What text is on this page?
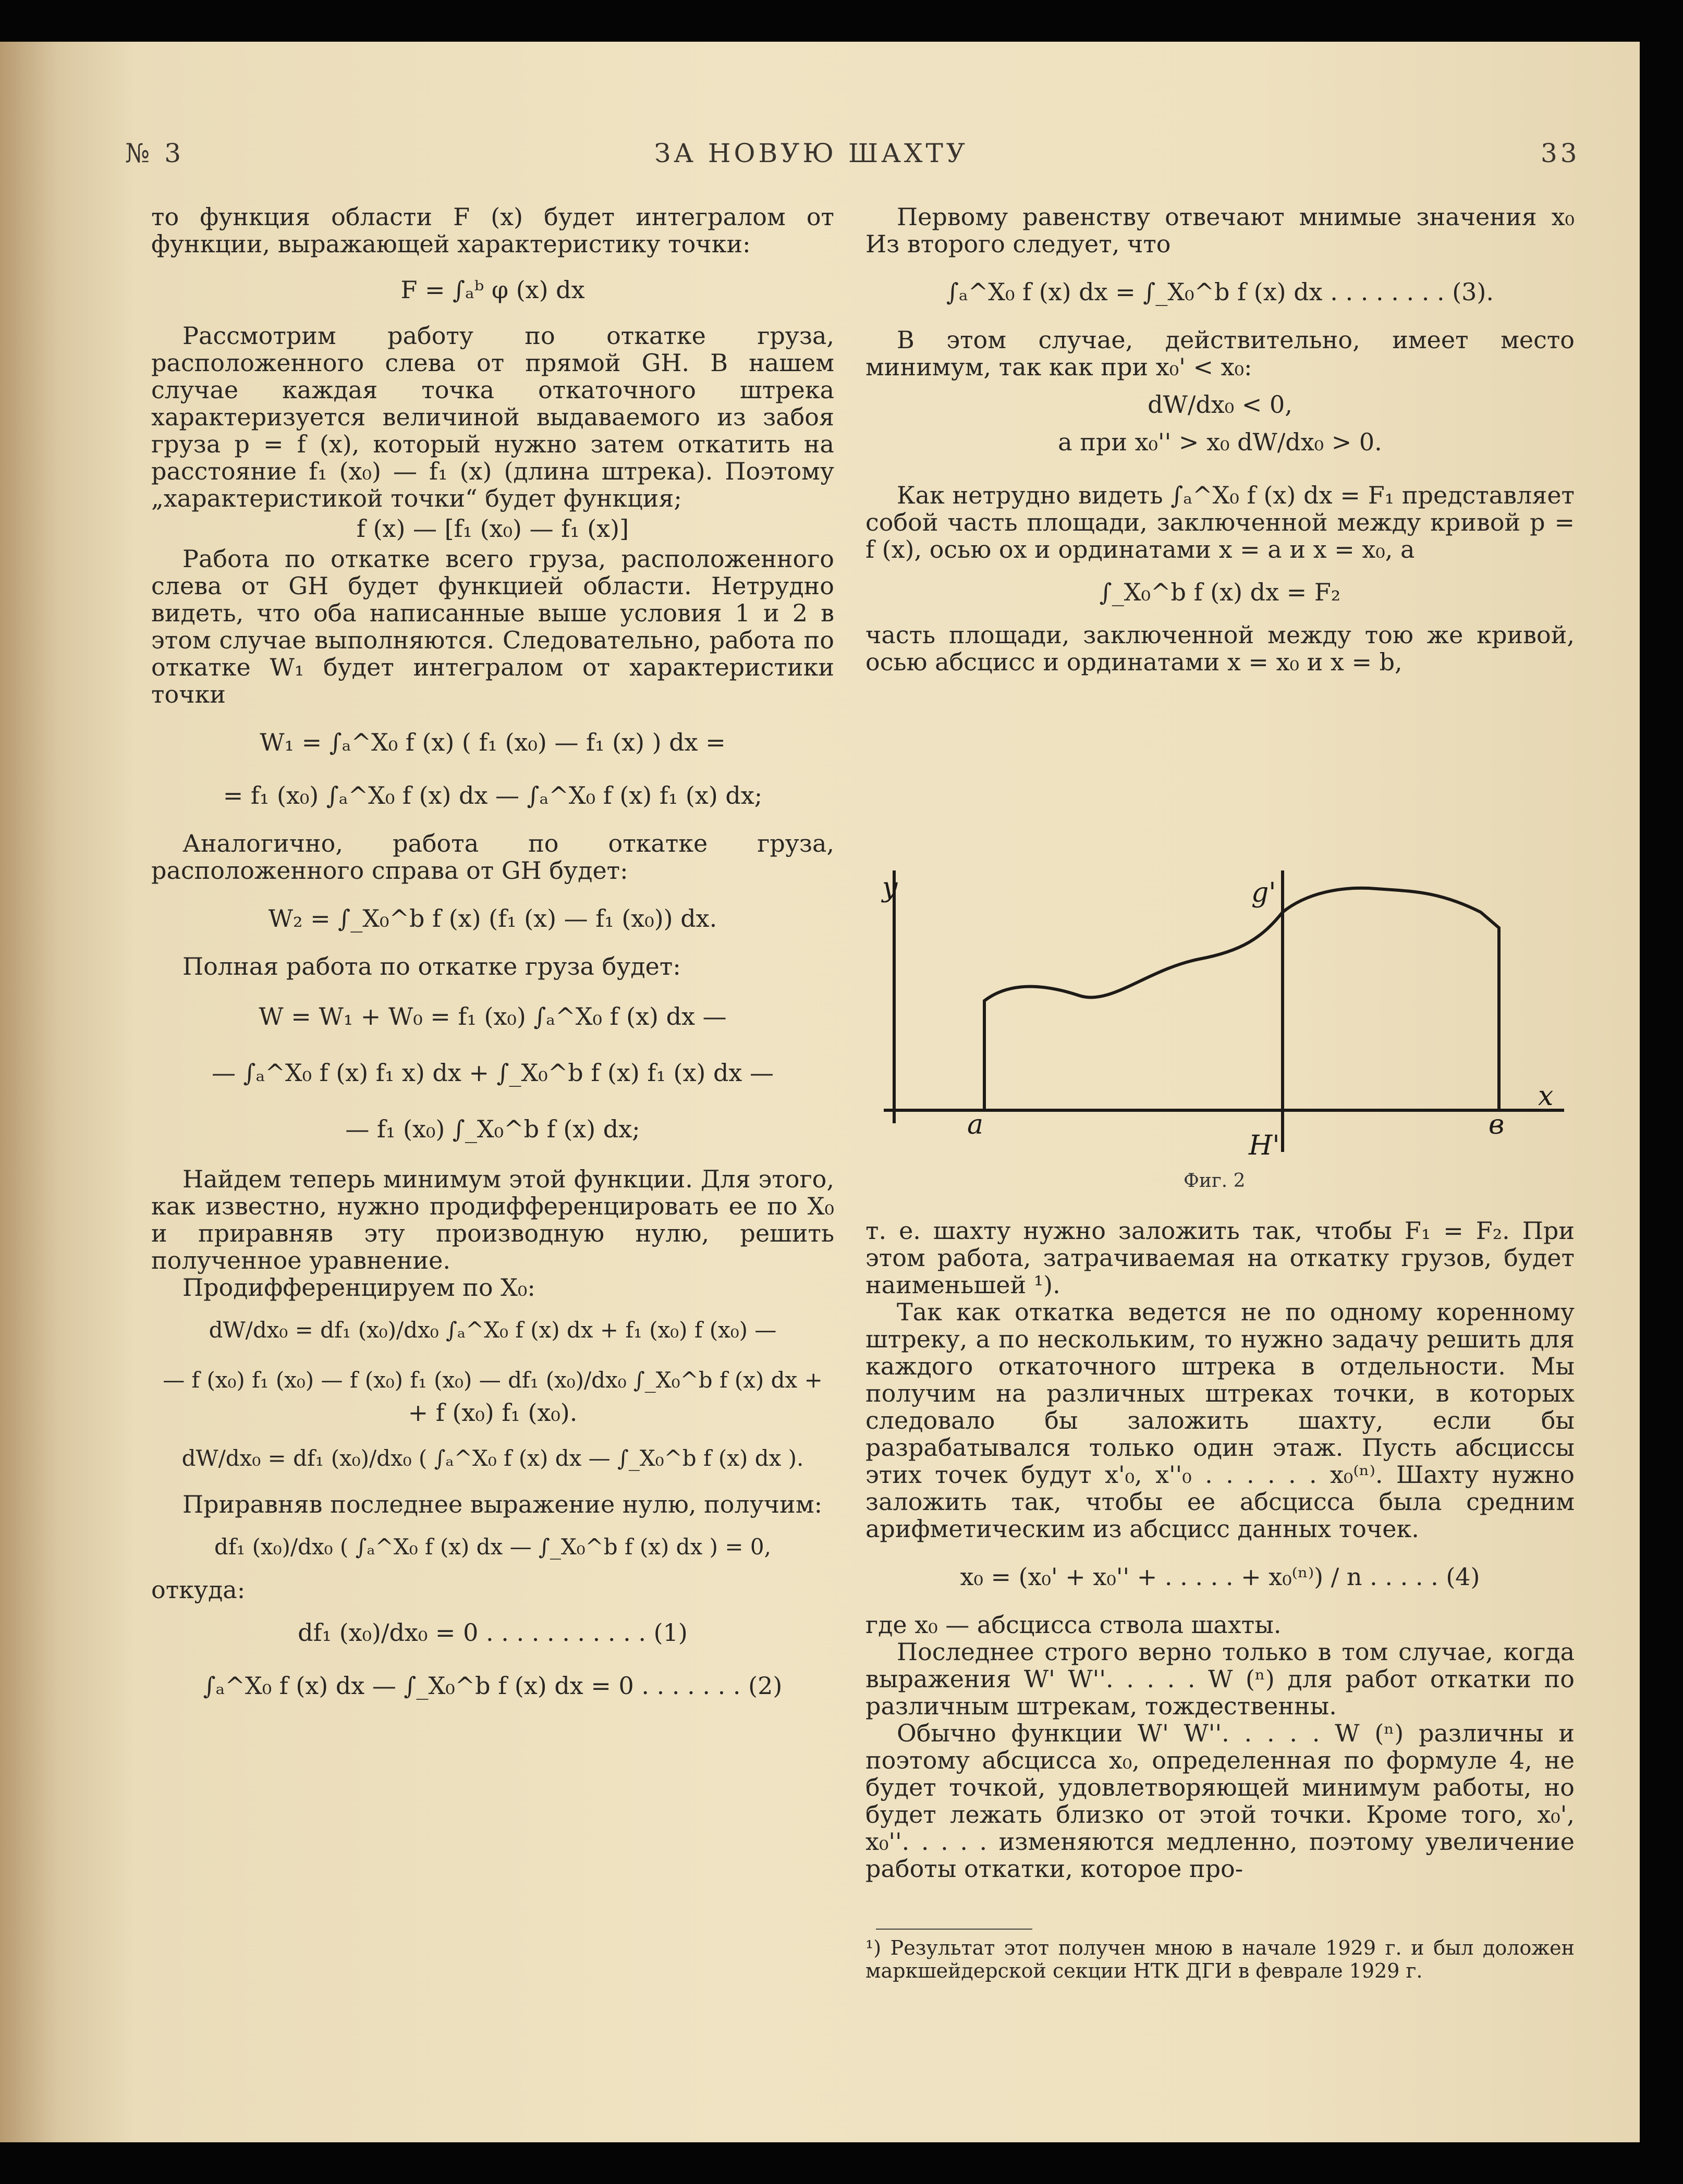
№ 3	ЗА НОВУЮ ШАХТУ	33

то функция области F (x) будет интегралом от функции, выражающей характеристику точки:

F = ∫ₐᵇ φ (x) dx

Рассмотрим работу по откатке груза, расположенного слева от прямой GH. В нашем случае каждая точка откаточного штрека характеризуется величиной выдаваемого из забоя груза p = f (x), который нужно затем откатить на расстояние f₁ (x₀) — f₁ (x) (длина штрека). Поэтому „характеристикой точки“ будет функция;

f (x) — [f₁ (x₀) — f₁ (x)]

Работа по откатке всего груза, расположенного слева от GH будет функцией области. Нетрудно видеть, что оба написанные выше условия 1 и 2 в этом случае выполняются. Следовательно, работа по откатке W₁ будет интегралом от характеристики точки

W₁ = ∫ₐ^X₀ f (x) ( f₁ (x₀) — f₁ (x) ) dx =
= f₁ (x₀) ∫ₐ^X₀ f (x) dx — ∫ₐ^X₀ f (x) f₁ (x) dx;

Аналогично, работа по откатке груза, расположенного справа от GH будет:

W₂ = ∫_X₀^b f (x) (f₁ (x) — f₁ (x₀)) dx.

Полная работа по откатке груза будет:

W = W₁ + W₀ = f₁ (x₀) ∫ₐ^X₀ f (x) dx —
— ∫ₐ^X₀ f (x) f₁ x) dx + ∫_X₀^b f (x) f₁ (x) dx —
— f₁ (x₀) ∫_X₀^b f (x) dx;

Найдем теперь минимум этой функции. Для этого, как известно, нужно продифференцировать ее по X₀ и приравняв эту производную нулю, решить полученное уравнение.

Продифференцируем по X₀:

dW/dx₀ = df₁ (x₀)/dx₀ ∫ₐ^X₀ f (x) dx + f₁ (x₀) f (x₀) —
— f (x₀) f₁ (x₀) — f (x₀) f₁ (x₀) — df₁ (x₀)/dx₀ ∫_X₀^b f (x) dx +
+ f (x₀) f₁ (x₀).
dW/dx₀ = df₁ (x₀)/dx₀ ( ∫ₐ^X₀ f (x) dx — ∫_X₀^b f (x) dx ).

Приравняв последнее выражение нулю, получим:

df₁ (x₀)/dx₀ ( ∫ₐ^X₀ f (x) dx — ∫_X₀^b f (x) dx ) = 0,

откуда:

df₁ (x₀)/dx₀ = 0 . . . . . . . . . . . (1)
∫ₐ^X₀ f (x) dx — ∫_X₀^b f (x) dx = 0 . . . . . . . (2)

Первому равенству отвечают мнимые значения x₀ Из второго следует, что

∫ₐ^X₀ f (x) dx = ∫_X₀^b f (x) dx . . . . . . . . (3).

В этом случае, действительно, имеет место минимум, так как при x₀' < x₀:

dW/dx₀ < 0,
а при x₀'' > x₀ dW/dx₀ > 0.

Как нетрудно видеть ∫ₐ^X₀ f (x) dx = F₁ представляет собой часть площади, заключенной между кривой p = f (x), осью ox и ординатами x = a и x = x₀, а

∫_X₀^b f (x) dx = F₂

часть площади, заключенной между тою же кривой, осью абсцисс и ординатами x = x₀ и x = b,

y	g'
x
a	в
H'
Фиг. 2

т. е. шахту нужно заложить так, чтобы F₁ = F₂. При этом работа, затрачиваемая на откатку грузов, будет наименьшей ¹).

Так как откатка ведется не по одному коренному штреку, а по нескольким, то нужно задачу решить для каждого откаточного штрека в отдельности. Мы получим на различных штреках точки, в которых следовало бы заложить шахту, если бы разрабатывался только один этаж. Пусть абсциссы этих точек будут x'₀, x''₀ . . . . . . x₀⁽ⁿ⁾. Шахту нужно заложить так, чтобы ее абсцисса была средним арифметическим из абсцисс данных точек.

x₀ = (x₀' + x₀'' + . . . . . + x₀⁽ⁿ⁾) / n . . . . . (4)

где x₀ — абсцисса ствола шахты.

Последнее строго верно только в том случае, когда выражения W' W''. . . . . W (ⁿ) для работ откатки по различным штрекам, тождественны.

Обычно функции W' W''. . . . . W (ⁿ) различны и поэтому абсцисса x₀, определенная по формуле 4, не будет точкой, удовлетворяющей минимум работы, но будет лежать близко от этой точки. Кроме того, x₀', x₀''. . . . . изменяются медленно, поэтому увеличение работы откатки, которое про-

¹) Результат этот получен мною в начале 1929 г. и был доложен маркшейдерской секции НТК ДГИ в феврале 1929 г.
